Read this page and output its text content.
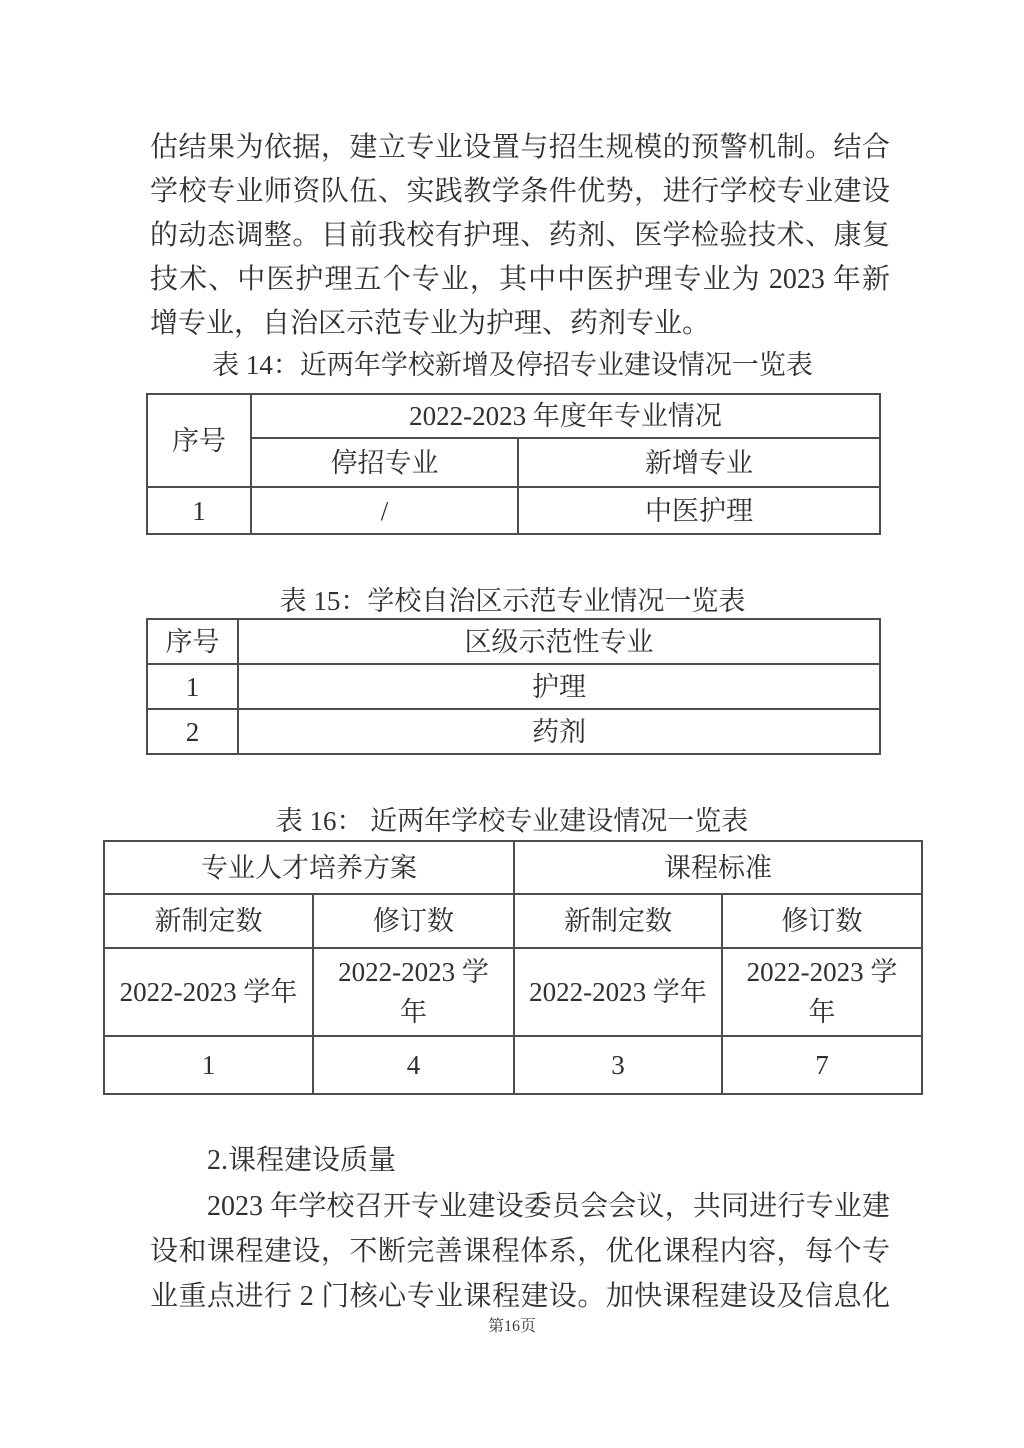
估结果为依据，建立专业设置与招生规模的预警机制。结合
学校专业师资队伍、实践教学条件优势，进行学校专业建设
的动态调整。目前我校有护理、药剂、医学检验技术、康复
技术、中医护理五个专业，其中中医护理专业为 2023 年新
增专业，自治区示范专业为护理、药剂专业。
表 14：近两年学校新增及停招专业建设情况一览表
序号	2022-2023 年度年专业情况	
	停招专业	新增专业
1	/	中医护理
表 15：学校自治区示范专业情况一览表
序号	区级示范性专业
1	护理
2	药剂
表 16： 近两年学校专业建设情况一览表
专业人才培养方案		课程标准	
新制定数	修订数	新制定数	修订数
2022-2023 学年	2022-2023 学年	2022-2023 学年	2022-2023 学年
1	4	3	7
2.课程建设质量
2023 年学校召开专业建设委员会会议，共同进行专业建
设和课程建设，不断完善课程体系，优化课程内容，每个专
业重点进行 2 门核心专业课程建设。加快课程建设及信息化
第16页
